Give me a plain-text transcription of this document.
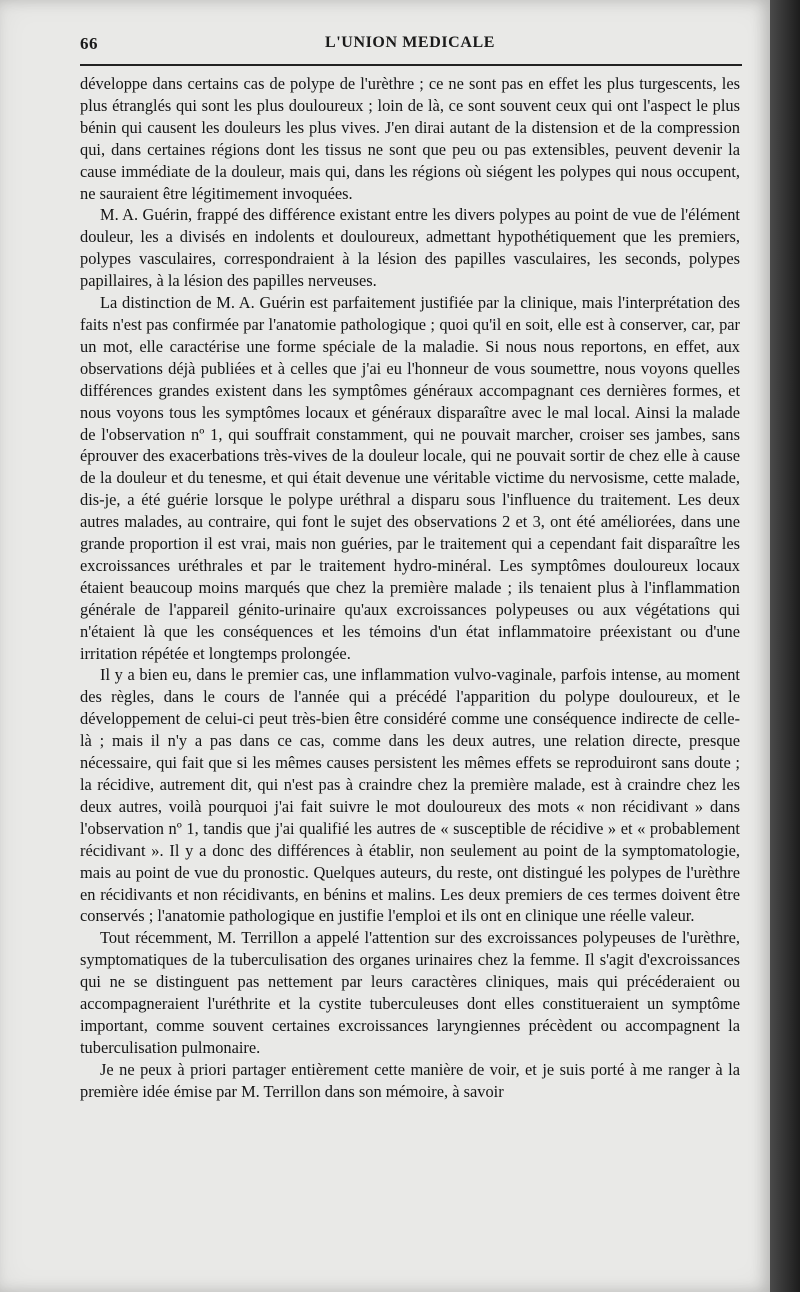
66	L'UNION MEDICALE

développe dans certains cas de polype de l'urèthre ; ce ne sont pas en effet les plus turgescents, les plus étranglés qui sont les plus douloureux ; loin de là, ce sont souvent ceux qui ont l'aspect le plus bénin qui causent les douleurs les plus vives. J'en dirai autant de la distension et de la compression qui, dans certaines régions dont les tissus ne sont que peu ou pas extensibles, peuvent devenir la cause immédiate de la douleur, mais qui, dans les régions où siégent les polypes qui nous occupent, ne sauraient être légitimement invoquées.

M. A. Guérin, frappé des différence existant entre les divers polypes au point de vue de l'élément douleur, les a divisés en indolents et douloureux, admettant hypothétiquement que les premiers, polypes vasculaires, correspondraient à la lésion des papilles vasculaires, les seconds, polypes papillaires, à la lésion des papilles nerveuses.

La distinction de M. A. Guérin est parfaitement justifiée par la clinique, mais l'interprétation des faits n'est pas confirmée par l'anatomie pathologique ; quoi qu'il en soit, elle est à conserver, car, par un mot, elle caractérise une forme spéciale de la maladie. Si nous nous reportons, en effet, aux observations déjà publiées et à celles que j'ai eu l'honneur de vous soumettre, nous voyons quelles différences grandes existent dans les symptômes généraux accompagnant ces dernières formes, et nous voyons tous les symptômes locaux et généraux disparaître avec le mal local. Ainsi la malade de l'observation nº 1, qui souffrait constamment, qui ne pouvait marcher, croiser ses jambes, sans éprouver des exacerbations très-vives de la douleur locale, qui ne pouvait sortir de chez elle à cause de la douleur et du tenesme, et qui était devenue une véritable victime du nervosisme, cette malade, dis-je, a été guérie lorsque le polype uréthral a disparu sous l'influence du traitement. Les deux autres malades, au contraire, qui font le sujet des observations 2 et 3, ont été améliorées, dans une grande proportion il est vrai, mais non guéries, par le traitement qui a cependant fait disparaître les excroissances uréthrales et par le traitement hydro-minéral. Les symptômes douloureux locaux étaient beaucoup moins marqués que chez la première malade ; ils tenaient plus à l'inflammation générale de l'appareil génito-urinaire qu'aux excroissances polypeuses ou aux végétations qui n'étaient là que les conséquences et les témoins d'un état inflammatoire préexistant ou d'une irritation répétée et longtemps prolongée.

Il y a bien eu, dans le premier cas, une inflammation vulvo-vaginale, parfois intense, au moment des règles, dans le cours de l'année qui a précédé l'apparition du polype douloureux, et le développement de celui-ci peut très-bien être considéré comme une conséquence indirecte de celle-là ; mais il n'y a pas dans ce cas, comme dans les deux autres, une relation directe, presque nécessaire, qui fait que si les mêmes causes persistent les mêmes effets se reproduiront sans doute ; la récidive, autrement dit, qui n'est pas à craindre chez la première malade, est à craindre chez les deux autres, voilà pourquoi j'ai fait suivre le mot douloureux des mots « non récidivant » dans l'observation nº 1, tandis que j'ai qualifié les autres de « susceptible de récidive » et « probablement récidivant ». Il y a donc des différences à établir, non seulement au point de la symptomatologie, mais au point de vue du pronostic. Quelques auteurs, du reste, ont distingué les polypes de l'urèthre en récidivants et non récidivants, en bénins et malins. Les deux premiers de ces termes doivent être conservés ; l'anatomie pathologique en justifie l'emploi et ils ont en clinique une réelle valeur.

Tout récemment, M. Terrillon a appelé l'attention sur des excroissances polypeuses de l'urèthre, symptomatiques de la tuberculisation des organes urinaires chez la femme. Il s'agit d'excroissances qui ne se distinguent pas nettement par leurs caractères cliniques, mais qui précéderaient ou accompagneraient l'uréthrite et la cystite tuberculeuses dont elles constitueraient un symptôme important, comme souvent certaines excroissances laryngiennes précèdent ou accompagnent la tuberculisation pulmonaire.

Je ne peux à priori partager entièrement cette manière de voir, et je suis porté à me ranger à la première idée émise par M. Terrillon dans son mémoire, à savoir
